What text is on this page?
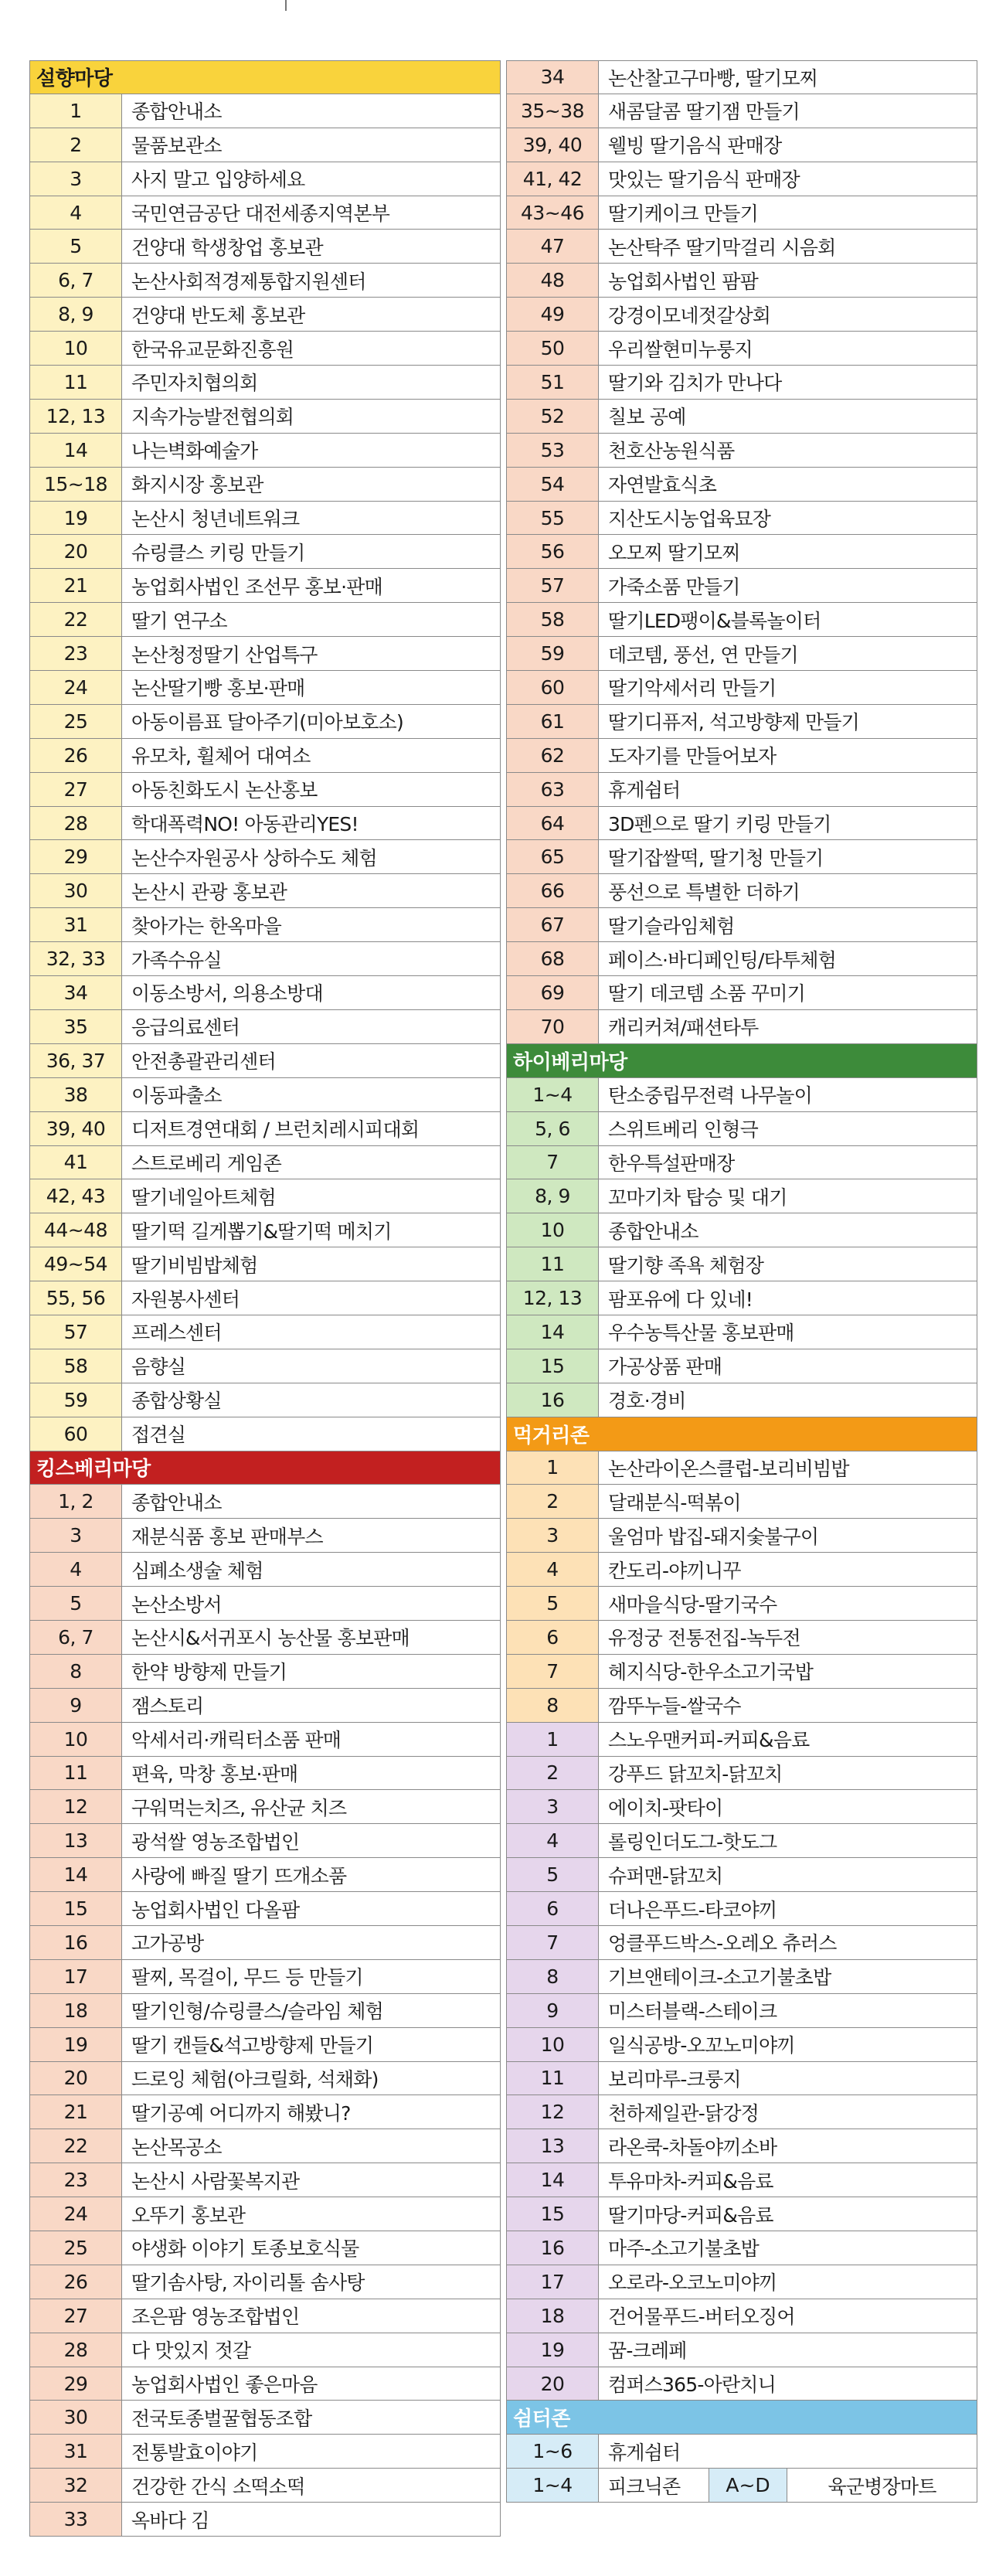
설향마당
1	종합안내소
2	물품보관소
3	사지 말고 입양하세요
4	국민연금공단 대전세종지역본부
5	건양대 학생창업 홍보관
6, 7	논산사회적경제통합지원센터
8, 9	건양대 반도체 홍보관
10	한국유교문화진흥원
11	주민자치협의회
12, 13	지속가능발전협의회
14	나는벽화예술가
15~18	화지시장 홍보관
19	논산시 청년네트워크
20	슈링클스 키링 만들기
21	농업회사법인 조선무 홍보·판매
22	딸기 연구소
23	논산청정딸기 산업특구
24	논산딸기빵 홍보·판매
25	아동이름표 달아주기(미아보호소)
26	유모차, 휠체어 대여소
27	아동친화도시 논산홍보
28	학대폭력NO! 아동관리YES!
29	논산수자원공사 상하수도 체험
30	논산시 관광 홍보관
31	찾아가는 한옥마을
32, 33	가족수유실
34	이동소방서, 의용소방대
35	응급의료센터
36, 37	안전총괄관리센터
38	이동파출소
39, 40	디저트경연대회 / 브런치레시피대회
41	스트로베리 게임존
42, 43	딸기네일아트체험
44~48	딸기떡 길게뽑기&딸기떡 메치기
49~54	딸기비빔밥체험
55, 56	자원봉사센터
57	프레스센터
58	음향실
59	종합상황실
60	접견실
킹스베리마당
1, 2	종합안내소
3	재분식품 홍보 판매부스
4	심폐소생술 체험
5	논산소방서
6, 7	논산시&서귀포시 농산물 홍보판매
8	한약 방향제 만들기
9	잼스토리
10	악세서리·캐릭터소품 판매
11	편육, 막창 홍보·판매
12	구워먹는치즈, 유산균 치즈
13	광석쌀 영농조합법인
14	사랑에 빠질 딸기 뜨개소품
15	농업회사법인 다올팜
16	고가공방
17	팔찌, 목걸이, 무드 등 만들기
18	딸기인형/슈링클스/슬라임 체험
19	딸기 캔들&석고방향제 만들기
20	드로잉 체험(아크릴화, 석채화)
21	딸기공예 어디까지 해봤니?
22	논산목공소
23	논산시 사람꽃복지관
24	오뚜기 홍보관
25	야생화 이야기 토종보호식물
26	딸기솜사탕, 자이리톨 솜사탕
27	조은팜 영농조합법인
28	다 맛있지 젓갈
29	농업회사법인 좋은마음
30	전국토종벌꿀협동조합
31	전통발효이야기
32	건강한 간식 소떡소떡
33	옥바다 김
34	논산찰고구마빵, 딸기모찌
35~38	새콤달콤 딸기잼 만들기
39, 40	웰빙 딸기음식 판매장
41, 42	맛있는 딸기음식 판매장
43~46	딸기케이크 만들기
47	논산탁주 딸기막걸리 시음회
48	농업회사법인 팜팜
49	강경이모네젓갈상회
50	우리쌀현미누룽지
51	딸기와 김치가 만나다
52	칠보 공예
53	천호산농원식품
54	자연발효식초
55	지산도시농업육묘장
56	오모찌 딸기모찌
57	가죽소품 만들기
58	딸기LED팽이&블록놀이터
59	데코템, 풍선, 연 만들기
60	딸기악세서리 만들기
61	딸기디퓨저, 석고방향제 만들기
62	도자기를 만들어보자
63	휴게쉼터
64	3D펜으로 딸기 키링 만들기
65	딸기잡쌀떡, 딸기청 만들기
66	풍선으로 특별한 더하기
67	딸기슬라임체험
68	페이스·바디페인팅/타투체험
69	딸기 데코템 소품 꾸미기
70	캐리커쳐/패션타투
하이베리마당
1~4	탄소중립무전력 나무놀이
5, 6	스위트베리 인형극
7	한우특설판매장
8, 9	꼬마기차 탑승 및 대기
10	종합안내소
11	딸기향 족욕 체험장
12, 13	팜포유에 다 있네!
14	우수농특산물 홍보판매
15	가공상품 판매
16	경호·경비
먹거리존
1	논산라이온스클럽-보리비빔밥
2	달래분식-떡볶이
3	울엄마 밥집-돼지숯불구이
4	칸도리-야끼니꾸
5	새마을식당-딸기국수
6	유정궁 전통전집-녹두전
7	헤지식당-한우소고기국밥
8	깜뚜누들-쌀국수
1	스노우맨커피-커피&음료
2	강푸드 닭꼬치-닭꼬치
3	에이치-팟타이
4	롤링인더도그-핫도그
5	슈퍼맨-닭꼬치
6	더나은푸드-타코야끼
7	엉클푸드박스-오레오 츄러스
8	기브앤테이크-소고기불초밥
9	미스터블랙-스테이크
10	일식공방-오꼬노미야끼
11	보리마루-크룽지
12	천하제일관-닭강정
13	라온쿡-차돌야끼소바
14	투유마차-커피&음료
15	딸기마당-커피&음료
16	마주-소고기불초밥
17	오로라-오코노미야끼
18	건어물푸드-버터오징어
19	꿈-크레페
20	컴퍼스365-아란치니
쉼터존
1~6	휴게쉼터
1~4	피크닉존	A~D	육군병장마트
